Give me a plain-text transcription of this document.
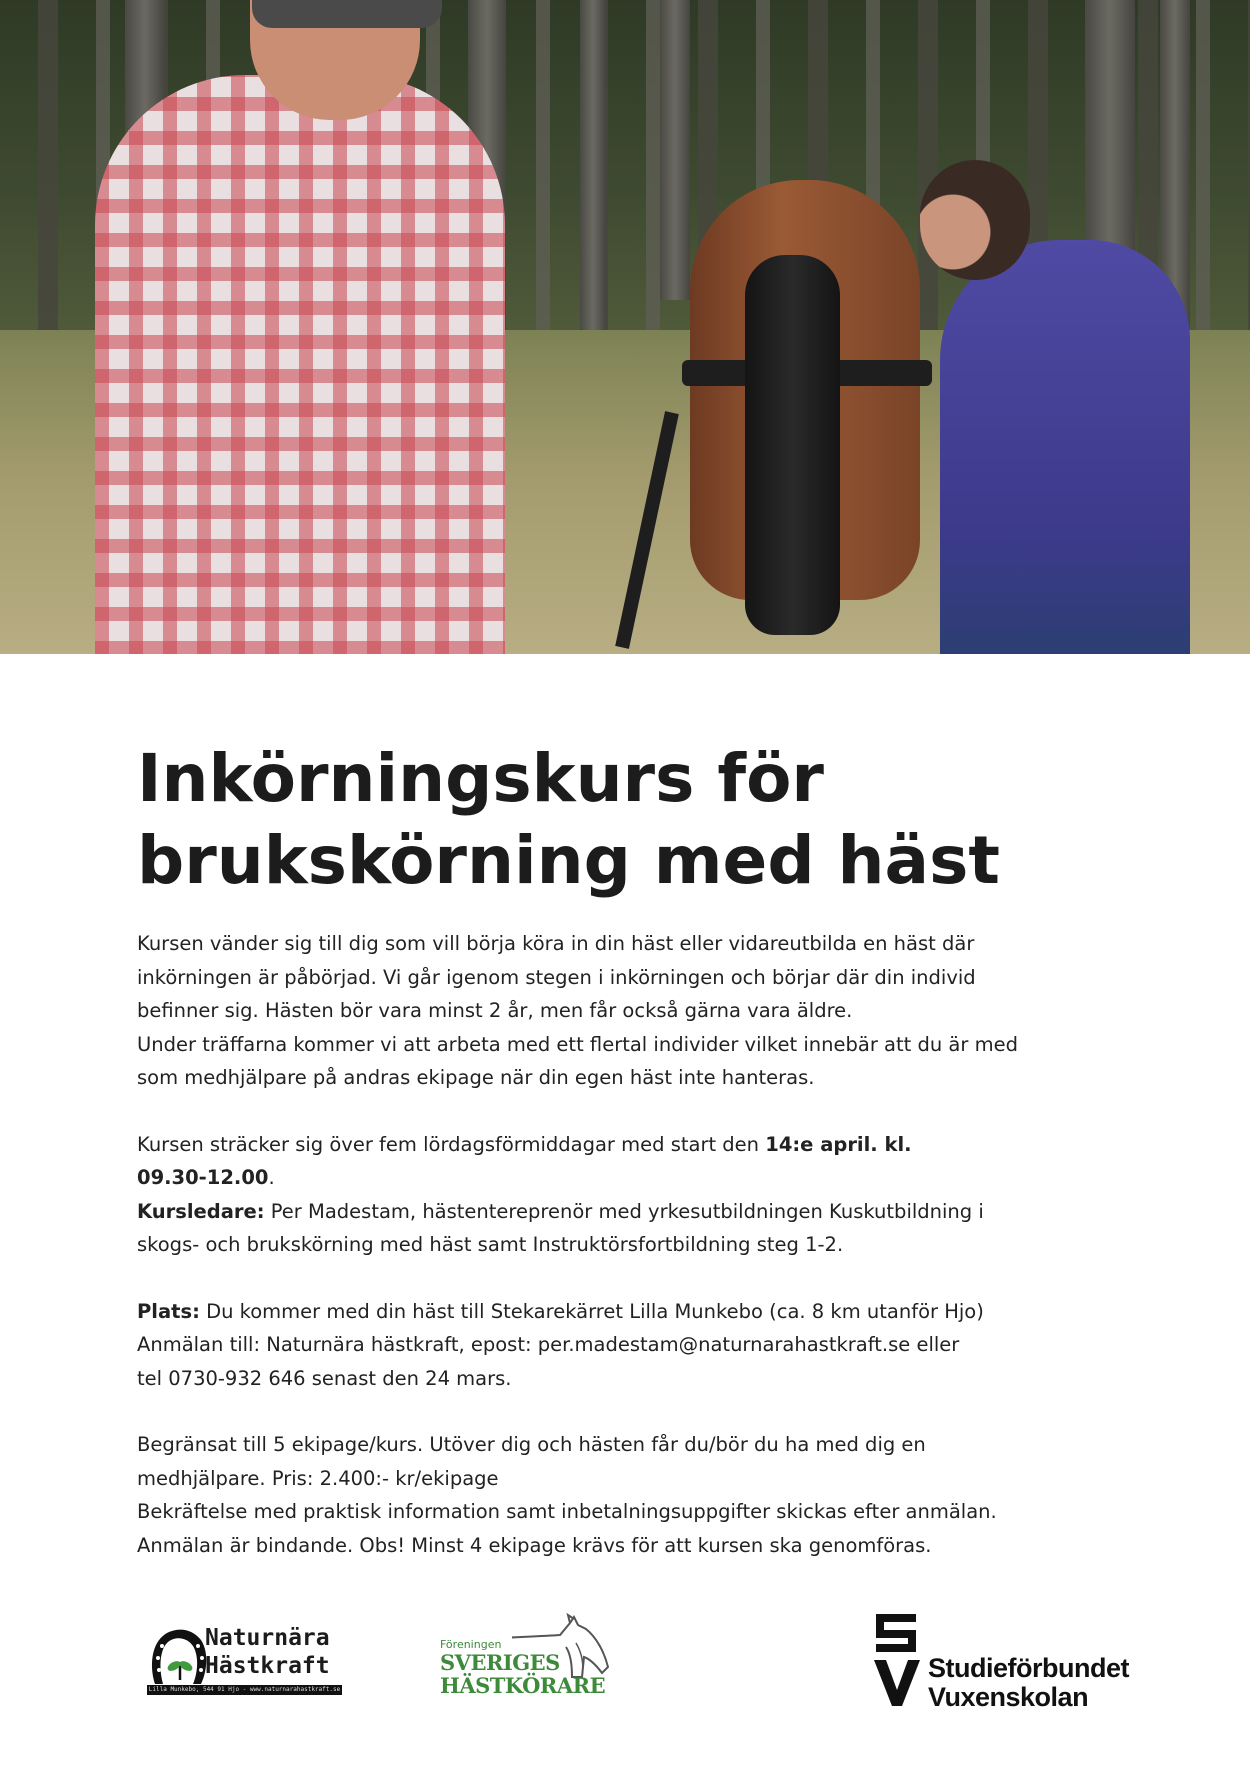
Inkörningskurs för
brukskörning med häst

Kursen vänder sig till dig som vill börja köra in din häst eller vidareutbilda en häst där
inkörningen är påbörjad. Vi går igenom stegen i inkörningen och börjar där din individ
befinner sig. Hästen bör vara minst 2 år, men får också gärna vara äldre.
Under träffarna kommer vi att arbeta med ett flertal individer vilket innebär att du är med
som medhjälpare på andras ekipage när din egen häst inte hanteras.

Kursen sträcker sig över fem lördagsförmiddagar med start den 14:e april. kl.
09.30-12.00.
Kursledare: Per Madestam, hästentereprenör med yrkesutbildningen Kuskutbildning i
skogs- och brukskörning med häst samt Instruktörsfortbildning steg 1-2.

Plats: Du kommer med din häst till Stekarekärret Lilla Munkebo (ca. 8 km utanför Hjo)
Anmälan till: Naturnära hästkraft, epost: per.madestam@naturnarahastkraft.se eller
tel 0730-932 646 senast den 24 mars.

Begränsat till 5 ekipage/kurs. Utöver dig och hästen får du/bör du ha med dig en
medhjälpare. Pris: 2.400:- kr/ekipage
Bekräftelse med praktisk information samt inbetalningsuppgifter skickas efter anmälan.
Anmälan är bindande. Obs! Minst 4 ekipage krävs för att kursen ska genomföras.

Naturnära
Hästkraft
Lilla Munkebo, 544 91 Hjo - www.naturnarahastkraft.se
Föreningen
SVERIGES
HÄSTKÖRARE
Studieförbundet
Vuxenskolan
